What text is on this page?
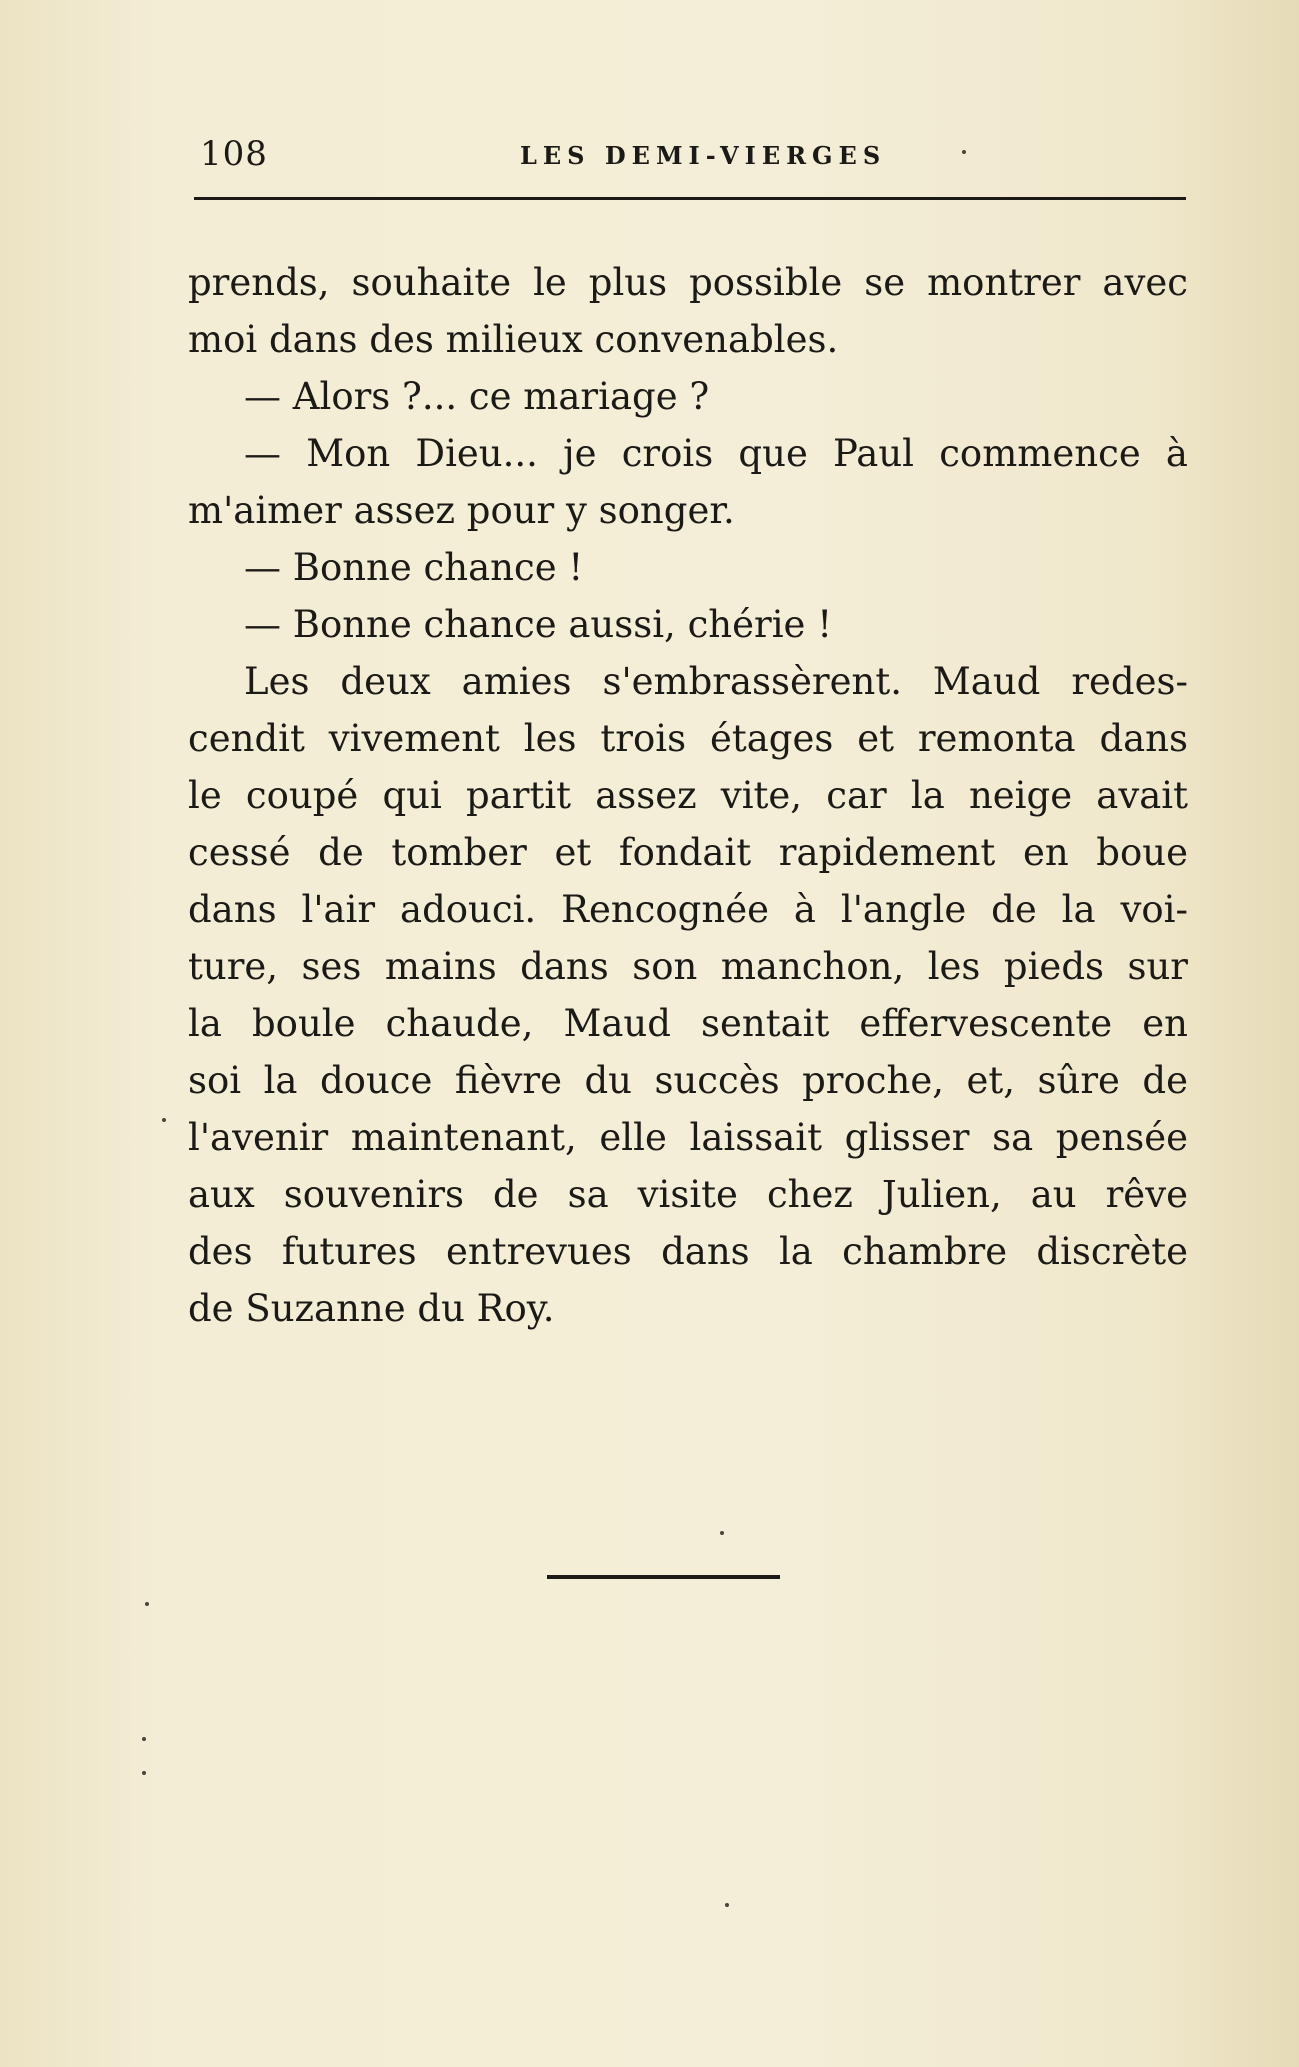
108	LES DEMI-VIERGES
prends, souhaite le plus possible se montrer avec
moi dans des milieux convenables.
— Alors ?... ce mariage ?
— Mon Dieu... je crois que Paul commence à
m'aimer assez pour y songer.
— Bonne chance !
— Bonne chance aussi, chérie !
Les deux amies s'embrassèrent. Maud redes-
cendit vivement les trois étages et remonta dans
le coupé qui partit assez vite, car la neige avait
cessé de tomber et fondait rapidement en boue
dans l'air adouci. Rencognée à l'angle de la voi-
ture, ses mains dans son manchon, les pieds sur
la boule chaude, Maud sentait effervescente en
soi la douce fièvre du succès proche, et, sûre de
l'avenir maintenant, elle laissait glisser sa pensée
aux souvenirs de sa visite chez Julien, au rêve
des futures entrevues dans la chambre discrète
de Suzanne du Roy.
